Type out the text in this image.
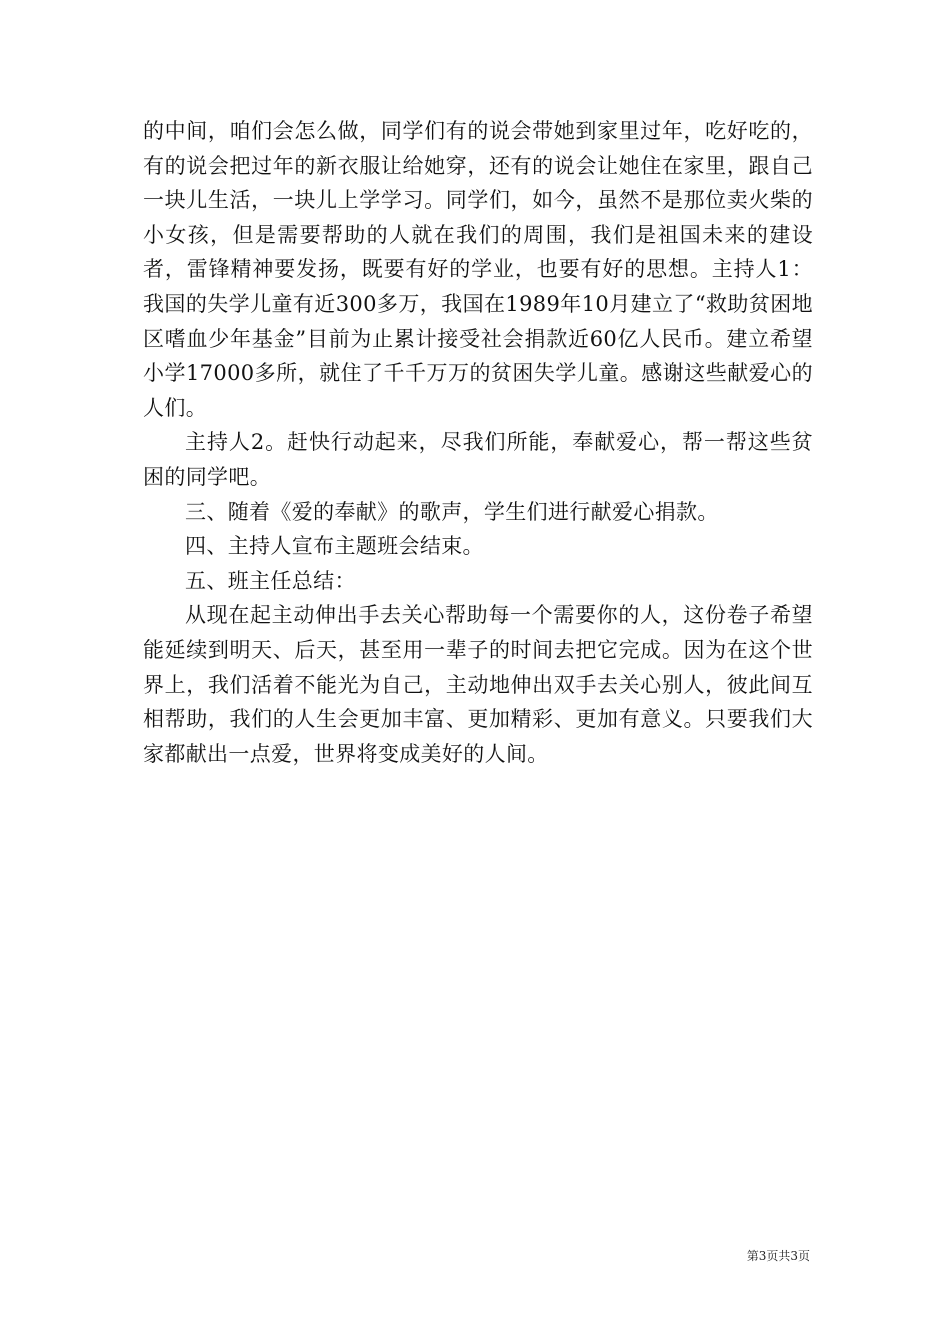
的中间，咱们会怎么做，同学们有的说会带她到家里过年，吃好吃的，有的说会把过年的新衣服让给她穿，还有的说会让她住在家里，跟自己一块儿生活，一块儿上学学习。同学们，如今，虽然不是那位卖火柴的小女孩，但是需要帮助的人就在我们的周围，我们是祖国未来的建设者，雷锋精神要发扬，既要有好的学业，也要有好的思想。主持人1：我国的失学儿童有近300多万，我国在1989年10月建立了“救助贫困地区嗜血少年基金”目前为止累计接受社会捐款近60亿人民币。建立希望小学17000多所，就住了千千万万的贫困失学儿童。感谢这些献爱心的人们。

主持人2。赶快行动起来，尽我们所能，奉献爱心，帮一帮这些贫困的同学吧。

三、随着《爱的奉献》的歌声，学生们进行献爱心捐款。

四、主持人宣布主题班会结束。

五、班主任总结：

从现在起主动伸出手去关心帮助每一个需要你的人，这份卷子希望能延续到明天、后天，甚至用一辈子的时间去把它完成。因为在这个世界上，我们活着不能光为自己，主动地伸出双手去关心别人，彼此间互相帮助，我们的人生会更加丰富、更加精彩、更加有意义。只要我们大家都献出一点爱，世界将变成美好的人间。

第3页共3页
